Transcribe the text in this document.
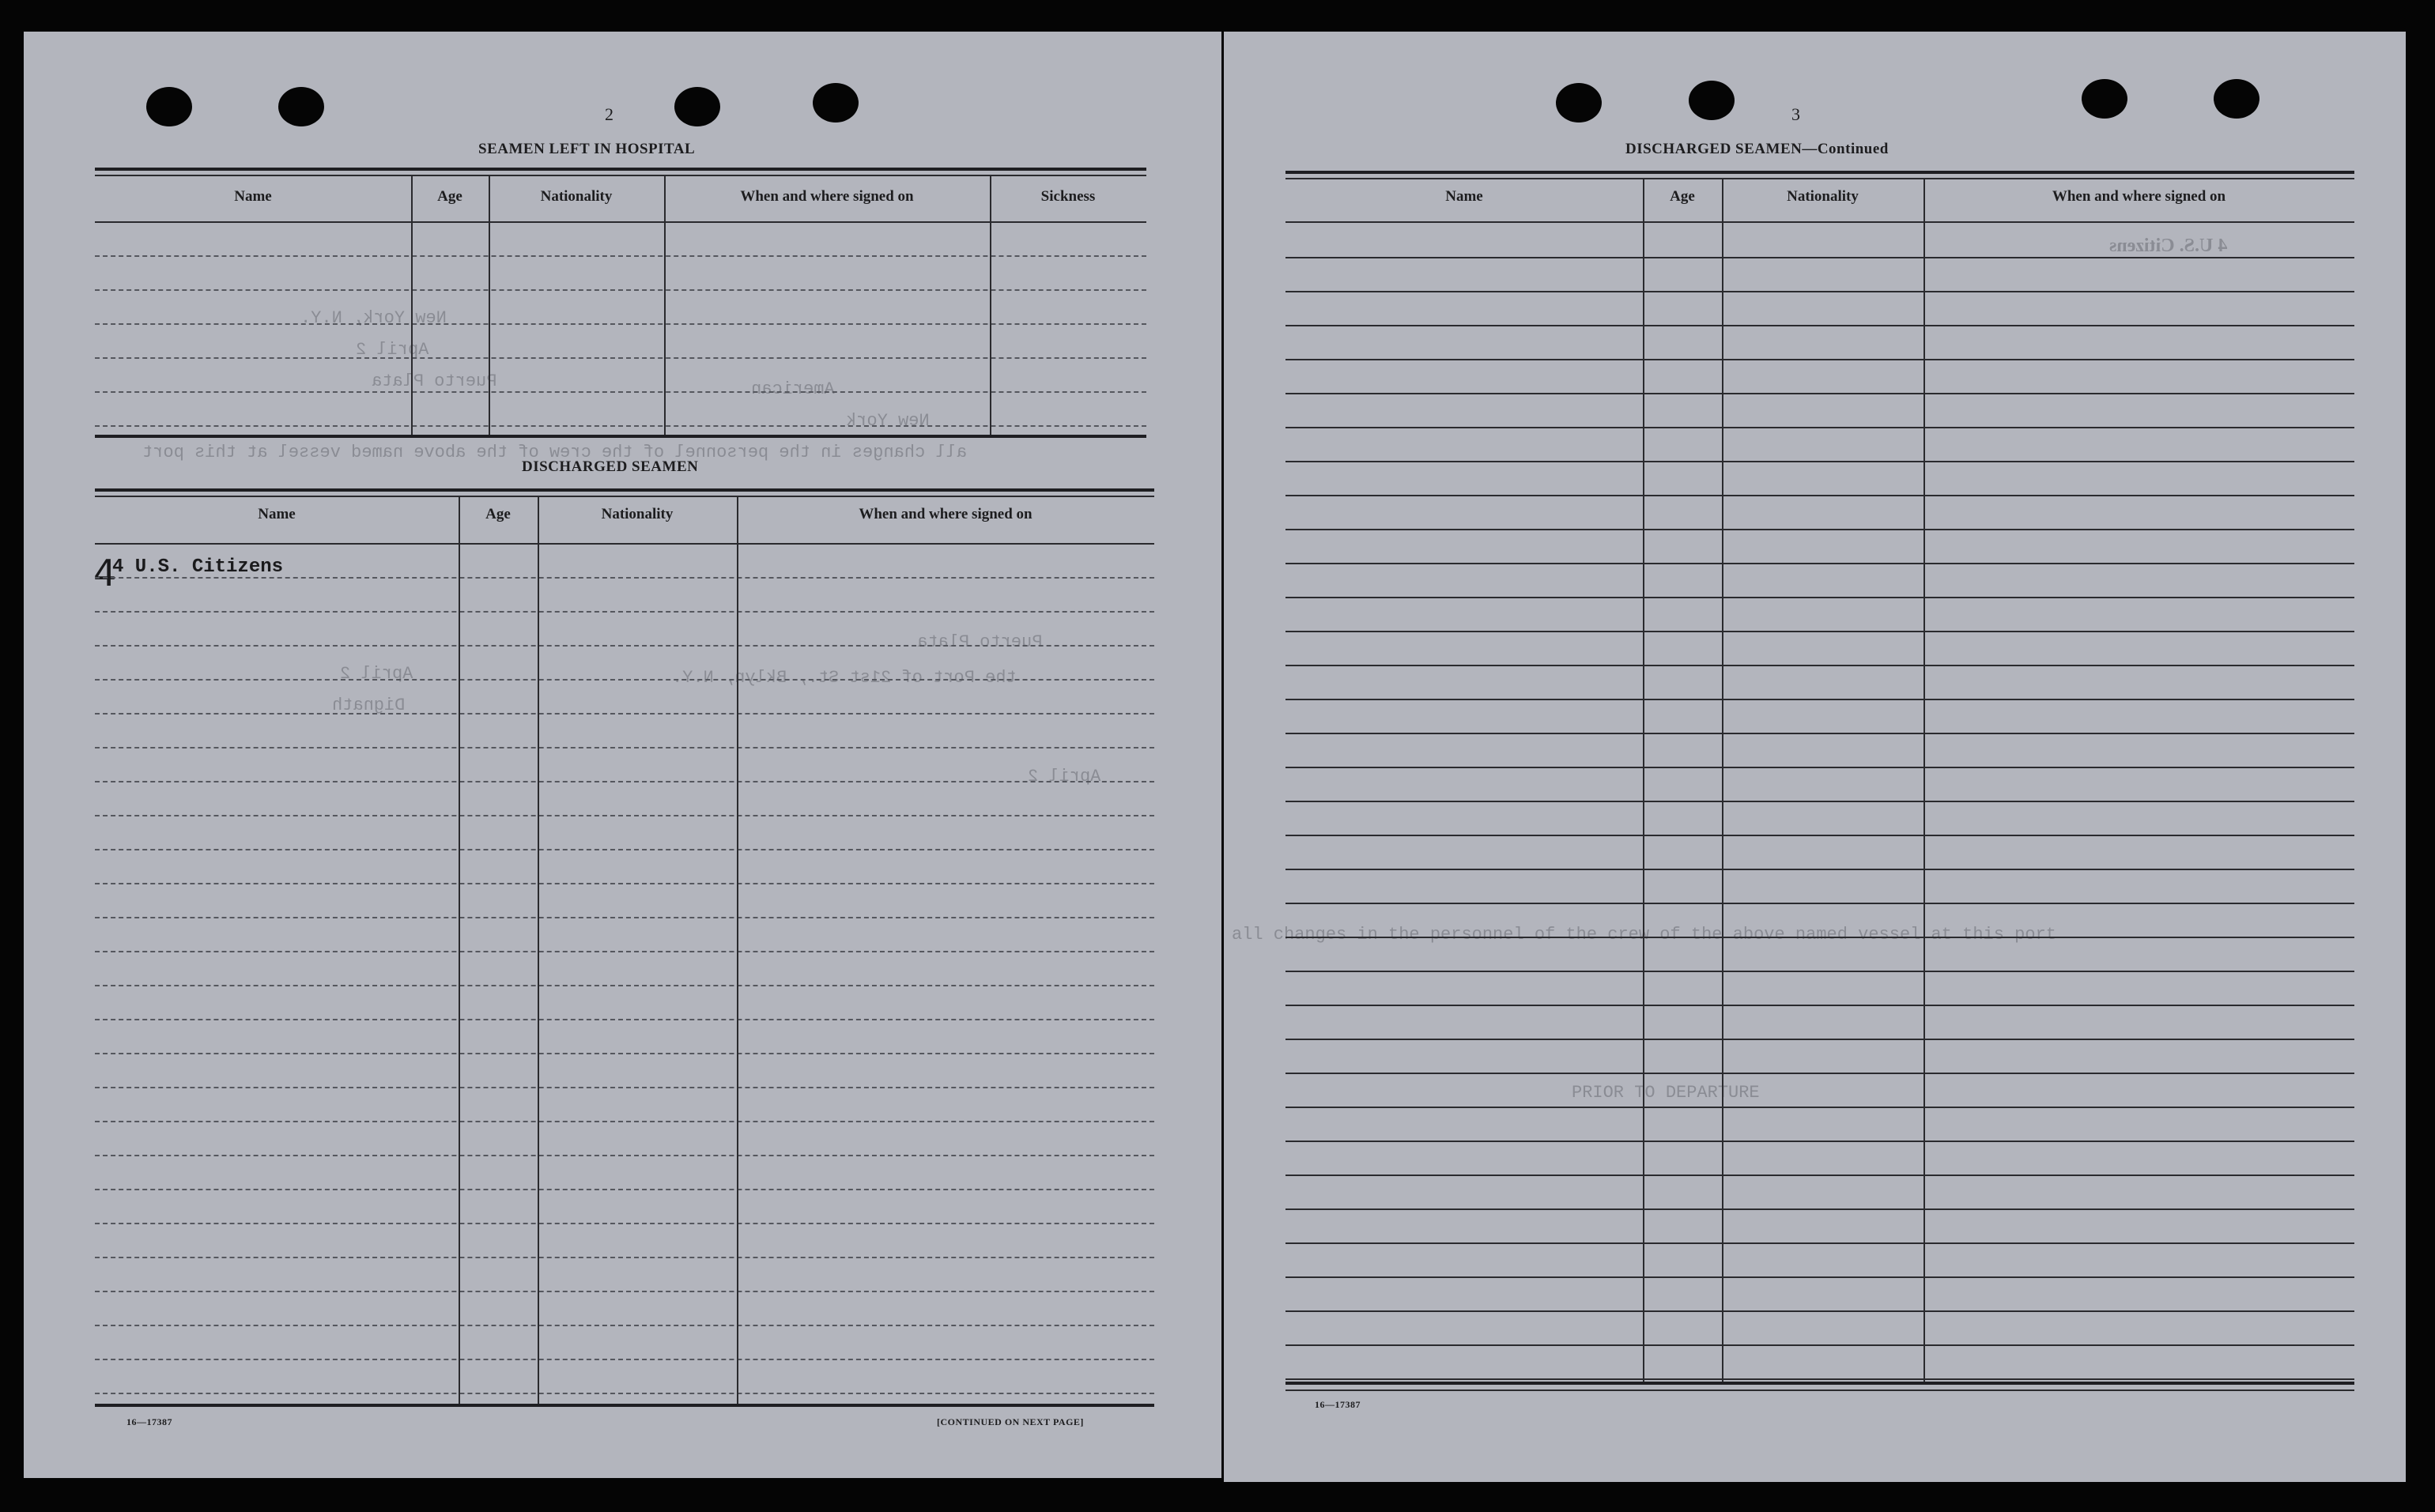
2
SEAMEN LEFT IN HOSPITAL
New York, N.Y.
April 2
Puerto Plata	American
New York
Puerto Plata
the Port of 21st St., Bklyn, N.Y.
April 2
Dignath
April 2
all changes in the personnel of the crew of the above named vessel at this port
Name	Age	Nationality	When and where signed on	Sickness
DISCHARGED SEAMEN
Name	Age	Nationality	When and where signed on
4
4 U.S. Citizens
16—17387	[CONTINUED ON NEXT PAGE]
3
DISCHARGED SEAMEN—Continued
4 U.S. Citizens
all changes in the personnel of the crew of the above named vessel at this port
PRIOR TO DEPARTURE
Name	Age	Nationality	When and where signed on
16—17387
